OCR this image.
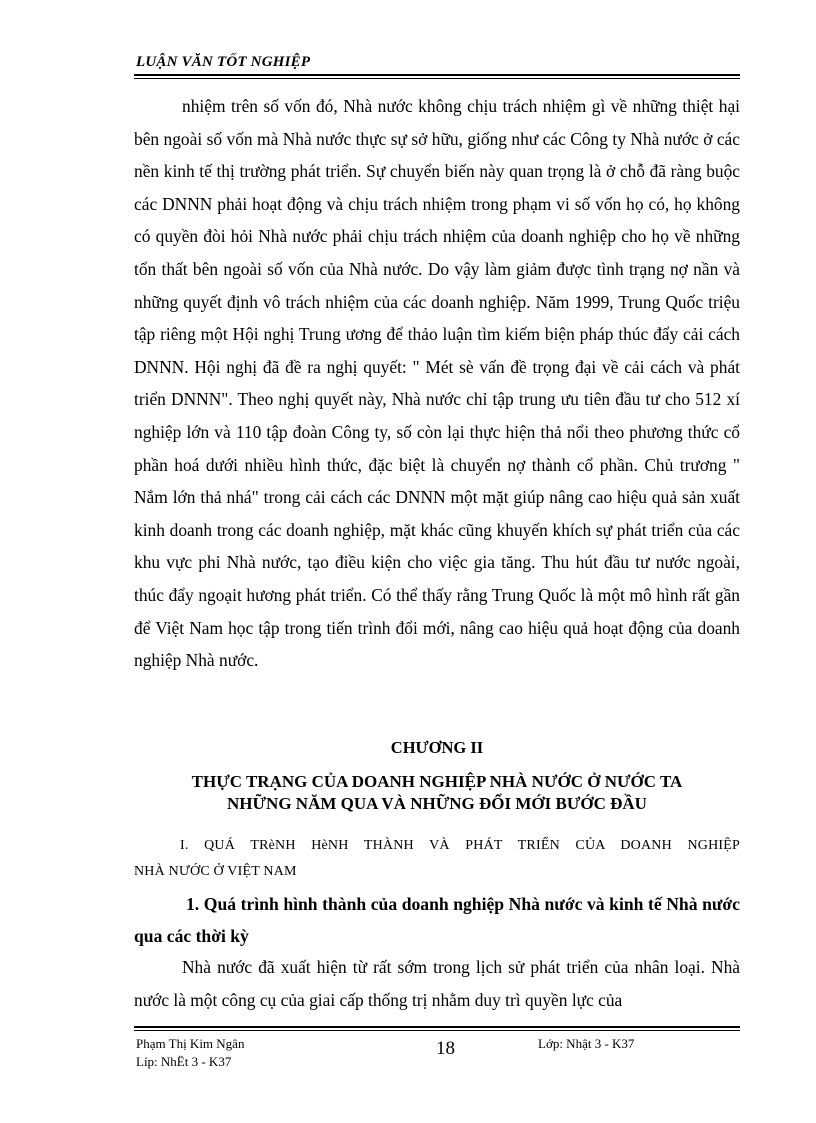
LUẬN VĂN TỐT NGHIỆP

nhiệm trên số vốn đó, Nhà nước không chịu trách nhiệm gì về những thiệt hại bên ngoài số vốn mà Nhà nước thực sự sở hữu, giống như các Công ty Nhà nước ở các nền kinh tế thị trường phát triển. Sự chuyển biến này quan trọng là ở chỗ đã ràng buộc các DNNN phải hoạt động và chịu trách nhiệm trong phạm vi số vốn họ có, họ không có quyền đòi hỏi Nhà nước phải chịu trách nhiệm của doanh nghiệp cho họ về những tổn thất bên ngoài số vốn của Nhà nước. Do vậy làm giảm được tình trạng nợ nần và những quyết định vô trách nhiệm của các doanh nghiệp. Năm 1999, Trung Quốc triệu tập riêng một Hội nghị Trung ương để thảo luận tìm kiếm biện pháp thúc đẩy cải cách DNNN. Hội nghị đã đề ra nghị quyết: " Mét sè vấn đề trọng đại về cải cách và phát triển DNNN". Theo nghị quyết này, Nhà nước chỉ tập trung ưu tiên đầu tư cho 512 xí nghiệp lớn và 110 tập đoàn Công ty, số còn lại thực hiện thả nổi theo phương thức cổ phần hoá dưới nhiều hình thức, đặc biệt là chuyển nợ thành cổ phần. Chủ trương " Nắm lớn thả nhá" trong cải cách các DNNN một mặt giúp nâng cao hiệu quả sản xuất kinh doanh trong các doanh nghiệp, mặt khác cũng khuyến khích sự phát triển của các khu vực phi Nhà nước, tạo điều kiện cho việc gia tăng. Thu hút đầu tư nước ngoài, thúc đẩy ngoạit hương phát triển. Có thể thấy rằng Trung Quốc là một mô hình rất gần để Việt Nam học tập trong tiến trình đổi mới, nâng cao hiệu quả hoạt động của doanh nghiệp Nhà nước.

CHƯƠNG II
THỰC TRẠNG CỦA DOANH NGHIỆP NHÀ NƯỚC Ở NƯỚC TA
NHỮNG NĂM QUA VÀ NHỮNG ĐỔI MỚI BƯỚC ĐẦU
I. QUÁ TRèNH HèNH THÀNH VÀ PHÁT TRIỂN CỦA DOANH NGHIỆP
NHÀ NƯỚC Ở VIỆT NAM

1. Quá trình hình thành của doanh nghiệp Nhà nước và kinh tế Nhà nước qua các thời kỳ

Nhà nước đã xuất hiện từ rất sớm trong lịch sử phát triển của nhân loại. Nhà nước là một công cụ của giai cấp thống trị nhằm duy trì quyền lực của

Phạm Thị Kim Ngân
Líp: NhËt 3 - K37
18	Lớp: Nhật 3 - K37
